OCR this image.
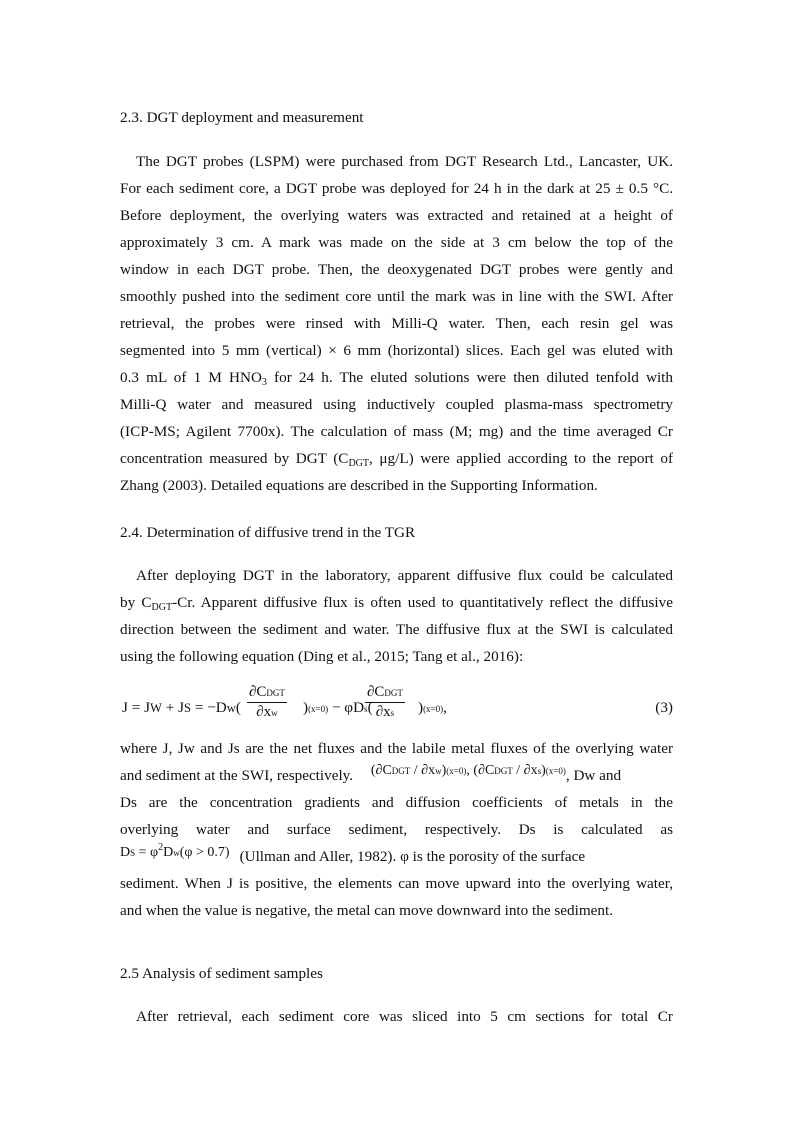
2.3. DGT deployment and measurement
The DGT probes (LSPM) were purchased from DGT Research Ltd., Lancaster, UK.
For each sediment core, a DGT probe was deployed for 24 h in the dark at 25 ± 0.5 °C.
Before deployment, the overlying waters was extracted and retained at a height of
approximately 3 cm. A mark was made on the side at 3 cm below the top of the
window in each DGT probe. Then, the deoxygenated DGT probes were gently and
smoothly pushed into the sediment core until the mark was in line with the SWI. After
retrieval, the probes were rinsed with Milli-Q water. Then, each resin gel was
segmented into 5 mm (vertical) × 6 mm (horizontal) slices. Each gel was eluted with
0.3 mL of 1 M $HNO_3$ for 24 h. The eluted solutions were then diluted tenfold with
Milli-Q water and measured using inductively coupled plasma-mass spectrometry
(ICP-MS; Agilent 7700x). The calculation of mass (M; mg) and the time averaged Cr
concentration measured by DGT ($C_{DGT}$, μg/L) were applied according to the report of
Zhang (2003). Detailed equations are described in the Supporting Information.
2.4. Determination of diffusive trend in the TGR
After deploying DGT in the laboratory, apparent diffusive flux could be calculated
by $C_{DGT}-Cr$. Apparent diffusive flux is often used to quantitatively reflect the diffusive
direction between the sediment and water. The diffusive flux at the SWI is calculated
using the following equation (Ding et al., 2015; Tang et al., 2016):
J = JW + JS = −Dw(
∂CDGT
∂xw	)(x=0) − φDs(
∂CDGT
∂xs	)(x=0),	(3)
where J, Jw and Js are the net fluxes and the labile metal fluxes of the overlying water
and sediment at the SWI, respectively. (∂CDGT / ∂xw)(x=0), (∂CDGT / ∂xs)(x=0), Dw and
Ds are the concentration gradients and diffusion coefficients of metals in the
overlying water and surface sediment, respectively. Ds is calculated as
DS = $\varphi^2Dw(\varphi > 0.7)$ (Ullman and Aller, 1982). φ is the porosity of the surface
sediment. When J is positive, the elements can move upward into the overlying water,
and when the value is negative, the metal can move downward into the sediment.
2.5 Analysis of sediment samples
After retrieval, each sediment core was sliced into 5 cm sections for total Cr
